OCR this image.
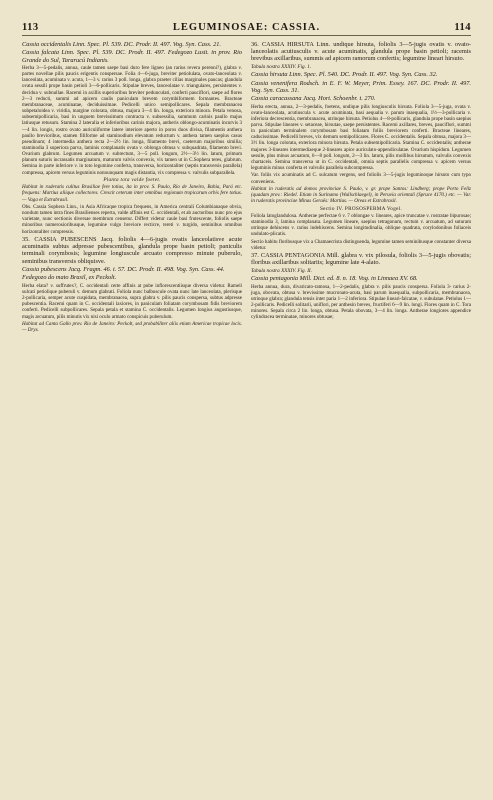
113	LEGUMINOSAE: CASSIA.	114

Cassia occidentalis Linn. Spec. Pl. 539. DC. Prodr. II. 497. Vog. Syn. Cass. 21.

Cassia falcata Linn. Spec. Pl. 539. DC. Prodr. II. 497. Fedegozo Lusit. in prov. Rio Grande do Sul, Tararucú Indianis.

Herba 3—5-pedalis, annua, caule tamen saepe basi duro fere ligneo (an rarius revera perenni?), glabra v. partes novellae pilis paucis erigentis conspersae. Folia 4—6-juga, breviter petiolulata, ovato-lanceolata v. lanceolata, acuminata v. acuta, 1—3 v. rarius 3 poll. longa, glabra praeter cilias marginales paucas; glandula ovata sessili prope basin petioli 3—6-pollicaris. Stipulae breves, lanceolatae v. triangulares, persistentes v. decidua v. subnullae. Racemi in axillis superioribus breviter pedunculati, conferti pauciflori, saepe ad flores 2—3 reducti, summi ad apicem caulis paniculam brevem corymbiformem formantes. Bracteae membranaceae, acuminatae, deciduissimae. Pedicelli unico semipollicares. Sepala membranacea subpetaloidea v. viridia, margine colorata, obtusa, majora 3—4 lin. longa, exteriora minora. Petala venosa, subsemipollicaria, basi in unguem brevissimum contracta v. subsessilia, summum carinis paullo majus latiusque retusum. Stamina 2 lateralia et inferioribus carinis majora, antheris oblongo-acuminatis incurvis 3—4 lin. longis, rostro ovato auriculiforme latere interiore aperto in poros duos divisa, filamentis anthera paullo brevioribus, stamen filiforme ad staminodium elevatum reductum v. anthera tamen saepius casus pseudinum; 4 intermedia anthera recta 2—2½ lin. longa, filamento brevi, caeterum majoribus similia; staminodia 3 superiora parva, laminis complanatis ovata v. oblonga obtusa v. subquadrata, filamento brevi. Ovarium glabrum. Legumen arcuatum v. subrectum, 3—5 poll. longum, 2½—3½ lin. latum, primum planum suturis incrassatis marginatum, maturum valvis convexis, vix tamen ut in C.Sophera teres, glabrum. Semina in parte inferiore v. in toto legumine conferta, transversa, horizontaliter (septis transversis parallela) compressa, apicem versus leguminis nonnunquam magis distantia, vix compressa v. valvulis subparallela.

Planta tota valde foetet.

Habitat in ruderatis culitus Brasiliae fere totius, ita in prov. S. Paulo, Rio de Janeiro, Bahia, Pará etc. frequens: Martius aliique collectores. Crescit ceterum inter omnibus regionum tropicarum orbis fere totius. — Vaga et Extrabrasil.

Obs. Cassia Sophera Linn., in Asia Africaque tropica frequens, in America centrali Columbianaque obvia, nondum tamen intra fines Brasilienses reperta, valde affinis est C. occidentali, et ab auctoribus nunc pro ejus varietate, nunc sectionis diversae membrum censetur. Differt videtur caule basi frutescente, foliolis saepe minoribus numerosioribusque, legumine vulgo breviore recticre, tereti v. turgido, seminibus omnibus horizontaliter compressis.

35. CASSIA PUBESCENS Jacq. foliolis 4—6-jugis ovatis lanceolatisve acute acuminatis subtus adpresse pubescentibus, glandula prope basin petioli; paniculis terminali corymbosis; legumine longiuscule arcuato compresso minute puberulo, seminibus transversis obliquisve.

Cassia pubescens Jacq. Fragm. 46. t. 57. DC. Prodr. II. 498. Vog. Syn. Cass. 44.

Fedegozo do mato Brasil, ex Peckolt.

Herba elata? v. suffrutex?, C. occidentali certe affinis at pube inflorescentiisque diversa videtur. Rameli sulcati petiolique puberuli v. demum glabrati. Foliola nunc balbuscule ovata nunc late lanceolata, plerisque 2-pollicaria, semper acute cuspidata, membranacea, supra glabra v. pilis paucis conspersa, subtus adpresse pubescentia. Racemi quam in C. occidentali laxiores, in paniculam foliatam corymbosam fidis breviorem conferti. Pedicelli subpollicares. Sepala petala et stamina C. occidentalis. Legumen longius angustiusque, magis arcuatum, pilis minutis vix nisi oculo armato conspicuis puberulum.

Habitat ad Canta Gallo prov. Rio de Janeiro: Peckolt, sed probabiliter aliis etiam Americae tropicae locis. — Drys.

36. CASSIA HIRSUTA Linn. undique hirsuta, foliolis 3—5-jugis ovatis v. ovato-lanceolatis acutiusculis v. acute acuminatis, glandula prope basin petioli; racemis brevibus axillaribus, summis ad apicem ramorum confertis; legumine lineari hirsuto.

Tabula nostra XXXIV. Fig. 1.

Cassia hirsuta Linn. Spec. Pl. 540. DC. Prodr. II. 497. Vog. Syn. Cass. 32.

Cassia venenifera Rodsch. in E. F. W. Meyer, Prim. Essey. 167. DC. Prodr. II. 497. Vog. Syn. Cass. 31.

Cassia caracassana Jacq. Hort. Schoenbr. t. 270.

Herba erecta, annua, 2—3-pedalis, foetens, undique pilis longiusculis hirsuta. Foliola 3—5-juga, ovata v. ovato-lanceolata, acutiuscula v. acute acuminata, basi aequalia v. parum inaequalia, 1½—3-pollicaria v. inferiora decrescentia, membranacea, utrinque hirsuta. Petiolus 4—8-pollicaris, glandula prope basin saepius parva. Stipulae lineares v. setaceae, hirsutae, saepe persistentes. Racemi axillares, breves, pauciflori, summi in paniculam terminalem corymbosam basi foliatam foliis breviorem conferti. Bracteae lineares, caducissimae. Pedicelli breves, vix demum semipollicares. Flores C. occidentalis. Sepala obtusa, majora 3—3½ lin. longa coloratа, exteriora minora hirsuta. Petala subsemipollicaria. Stamina C. occidentalis; antherae majores 3-lineares intermediaeque 2-lineares apice auriculato-appendiculatae. Ovarium hispidum. Legumen sessile, plus minus arcuatum, 6—8 poll. longum, 2—3 lin. latum, pilis mollibus hirsutum, valvulis convexis chartaceis. Semina transversa ut in C. occidentali, omnia septis parallelis compressa v. apicem versus leguminis minus conferta et valvulis parallela subcompressa.

Var. foliis vix acuminatis ad C. sulcatum vergens, sed foliolis 3—5-jugis leguminoque hirsuto cum typo conveniens.

Habitat in ruderatis ad domos provinciae S. Paulo, v. gr. prope Santos: Lindberg; prope Porto Feliz (quadam prov.: Riedel. Etiam in Surinamo (Wullschlaegel), in Peruvia orientali (Spruce 4170.) etc. — Var. in ruderatis provinciae Minas Geraës: Martius. — Oreas et Extrabrasil.

Sectio IV. PROSOSPERMA Vogel.

Foliola latoglandulosa. Antherae perfectae 6 v. 7 oblongae v. lineares, apice truncatae v. rostratae bipurosae; staminodia 3, lamina complanata. Legumen lineare, saepius tetragonum, rectum v. arcuatum, ad suturam utrinque dehiscens v. rarius indehiscens. Semina longitudinalia, oblique quadrata, corylodonibus foliaceis undulato-plicatis.

Sectio habitu floribusque vix a Chamaecrista distinguenda, legumine tamen seminibusque constanter diversa videtur.

37. CASSIA PENTAGONIA Mill. glabra v. vix pilosula, foliolis 3—5-jugis obovatis; floribus axillaribus solitariis; legumine late 4-alato.

Tabula nostra XXXIV. Fig. II.

Cassia pentagonia Mill. Dict. ed. 8. n. 18. Vog. in Linnaea XV. 68.

Herba annua, dura, divaricato-ramosa, 1—2-pedalis, glabra v. pilis paucis conspersa. Foliola 3- rarius 2-juga, obovata, obtusa v. brevissime mucronato-acuta, basi parum inaequalia, subpollicaria, membranacea, utrinque glabra; glandula tensis inter paria 1—2 inferiora. Stipulae lineari-falcatae, v. subulatae. Petiolus 1—2-pollicaris. Pedicelli solitarii, uniflori, per anthesin breves, fructiferi 6—9 lin. longi. Flores quam in C. Tora minores. Sepala circa 2 lin. longa, obtusa. Petala obovata, 3—4 lin. longa. Antherae longiores appendice cylindracea terminatae, minores obtusae;
